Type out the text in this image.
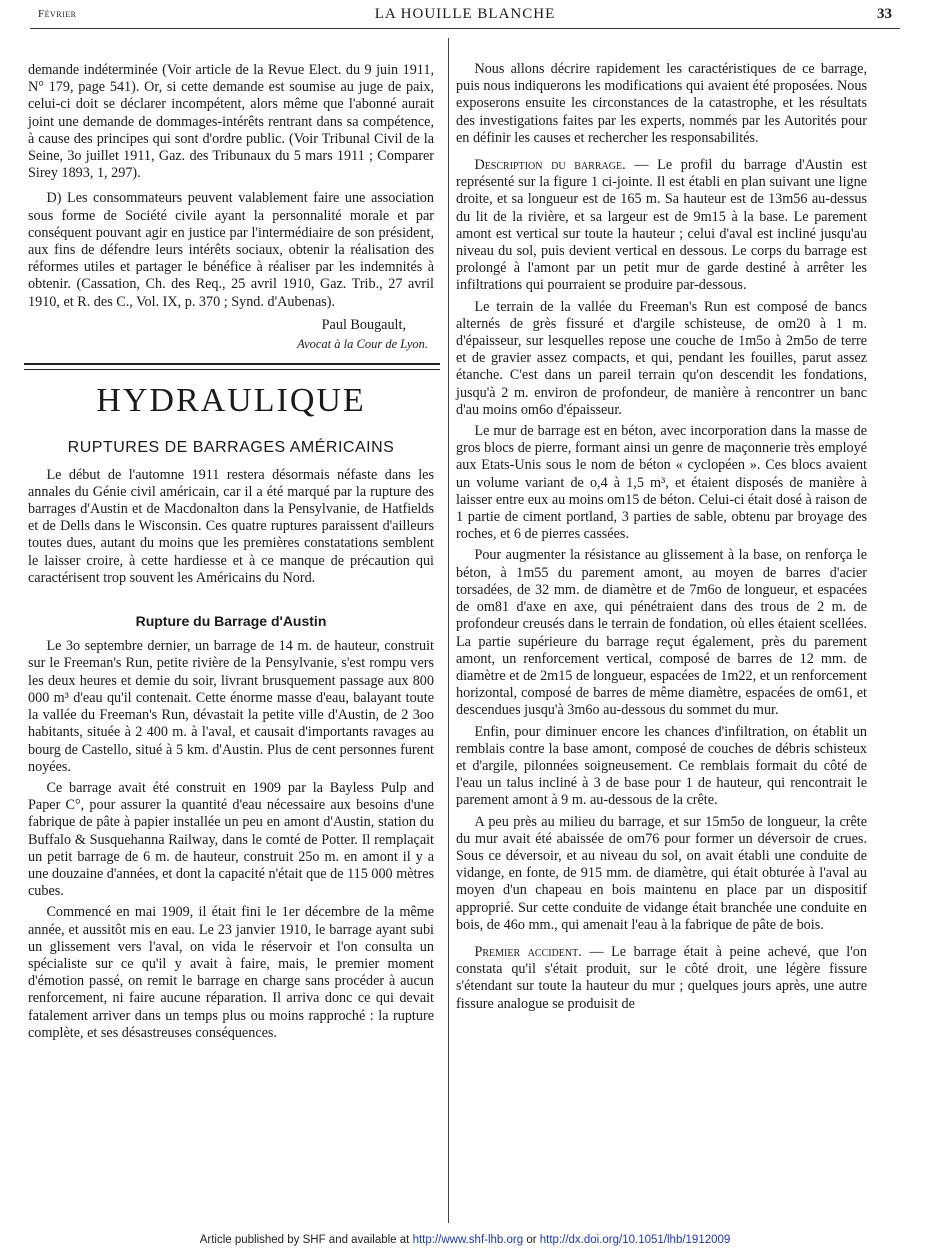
Février	LA HOUILLE BLANCHE	33

demande indéterminée (Voir article de la Revue Elect. du 9 juin 1911, N° 179, page 541). Or, si cette demande est soumise au juge de paix, celui-ci doit se déclarer incompétent, alors même que l'abonné aurait joint une demande de dommages-intérêts rentrant dans sa compétence, à cause des principes qui sont d'ordre public. (Voir Tribunal Civil de la Seine, 3o juillet 1911, Gaz. des Tribunaux du 5 mars 1911 ; Comparer Sirey 1893, 1, 297).

D) Les consommateurs peuvent valablement faire une association sous forme de Société civile ayant la personnalité morale et par conséquent pouvant agir en justice par l'intermédiaire de son président, aux fins de défendre leurs intérêts sociaux, obtenir la réalisation des réformes utiles et partager le bénéfice à réaliser par les indemnités à obtenir. (Cassation, Ch. des Req., 25 avril 1910, Gaz. Trib., 27 avril 1910, et R. des C., Vol. IX, p. 370 ; Synd. d'Aubenas).

Paul Bougault,
Avocat à la Cour de Lyon.
HYDRAULIQUE
RUPTURES DE BARRAGES AMÉRICAINS

Le début de l'automne 1911 restera désormais néfaste dans les annales du Génie civil américain, car il a été marqué par la rupture des barrages d'Austin et de Macdonalton dans la Pensylvanie, de Hatfields et de Dells dans le Wisconsin. Ces quatre ruptures paraissent d'ailleurs toutes dues, autant du moins que les premières constatations semblent le laisser croire, à cette hardiesse et à ce manque de précaution qui caractérisent trop souvent les Américains du Nord.

Rupture du Barrage d'Austin

Le 3o septembre dernier, un barrage de 14 m. de hauteur, construit sur le Freeman's Run, petite rivière de la Pensylvanie, s'est rompu vers les deux heures et demie du soir, livrant brusquement passage aux 800 000 m³ d'eau qu'il contenait. Cette énorme masse d'eau, balayant toute la vallée du Freeman's Run, dévastait la petite ville d'Austin, de 2 3oo habitants, située à 2 400 m. à l'aval, et causait d'importants ravages au bourg de Castello, situé à 5 km. d'Austin. Plus de cent personnes furent noyées.

Ce barrage avait été construit en 1909 par la Bayless Pulp and Paper C°, pour assurer la quantité d'eau nécessaire aux besoins d'une fabrique de pâte à papier installée un peu en amont d'Austin, station du Buffalo & Susquehanna Railway, dans le comté de Potter. Il remplaçait un petit barrage de 6 m. de hauteur, construit 25o m. en amont il y a une douzaine d'années, et dont la capacité n'était que de 115 000 mètres cubes.

Commencé en mai 1909, il était fini le 1er décembre de la même année, et aussitôt mis en eau. Le 23 janvier 1910, le barrage ayant subi un glissement vers l'aval, on vida le réservoir et l'on consulta un spécialiste sur ce qu'il y avait à faire, mais, le premier moment d'émotion passé, on remit le barrage en charge sans procéder à aucun renforcement, ni faire aucune réparation. Il arriva donc ce qui devait fatalement arriver dans un temps plus ou moins rapproché : la rupture complète, et ses désastreuses conséquences.

Nous allons décrire rapidement les caractéristiques de ce barrage, puis nous indiquerons les modifications qui avaient été proposées. Nous exposerons ensuite les circonstances de la catastrophe, et les résultats des investigations faites par les experts, nommés par les Autorités pour en définir les causes et rechercher les responsabilités.

Description du barrage. — Le profil du barrage d'Austin est représenté sur la figure 1 ci-jointe. Il est établi en plan suivant une ligne droite, et sa longueur est de 165 m. Sa hauteur est de 13m56 au-dessus du lit de la rivière, et sa largeur est de 9m15 à la base. Le parement amont est vertical sur toute la hauteur ; celui d'aval est incliné jusqu'au niveau du sol, puis devient vertical en dessous. Le corps du barrage est prolongé à l'amont par un petit mur de garde destiné à arrêter les infiltrations qui pourraient se produire par-dessous.

Le terrain de la vallée du Freeman's Run est composé de bancs alternés de grès fissuré et d'argile schisteuse, de om20 à 1 m. d'épaisseur, sur lesquelles repose une couche de 1m5o à 2m5o de terre et de gravier assez compacts, et qui, pendant les fouilles, parut assez étanche. C'est dans un pareil terrain qu'on descendit les fondations, jusqu'à 2 m. environ de profondeur, de manière à rencontrer un banc d'au moins om6o d'épaisseur.

Le mur de barrage est en béton, avec incorporation dans la masse de gros blocs de pierre, formant ainsi un genre de maçonnerie très employé aux Etats-Unis sous le nom de béton « cyclopéen ». Ces blocs avaient un volume variant de o,4 à 1,5 m³, et étaient disposés de manière à laisser entre eux au moins om15 de béton. Celui-ci était dosé à raison de 1 partie de ciment portland, 3 parties de sable, obtenu par broyage des roches, et 6 de pierres cassées.

Pour augmenter la résistance au glissement à la base, on renforça le béton, à 1m55 du parement amont, au moyen de barres d'acier torsadées, de 32 mm. de diamètre et de 7m6o de longueur, et espacées de om81 d'axe en axe, qui pénétraient dans des trous de 2 m. de profondeur creusés dans le terrain de fondation, où elles étaient scellées. La partie supérieure du barrage reçut également, près du parement amont, un renforcement vertical, composé de barres de 12 mm. de diamètre et de 2m15 de longueur, espacées de 1m22, et un renforcement horizontal, composé de barres de même diamètre, espacées de om61, et descendues jusqu'à 3m6o au-dessous du sommet du mur.

Enfin, pour diminuer encore les chances d'infiltration, on établit un remblais contre la base amont, composé de couches de débris schisteux et d'argile, pilonnées soigneusement. Ce remblais formait du côté de l'eau un talus incliné à 3 de base pour 1 de hauteur, qui rencontrait le parement amont à 9 m. au-dessous de la crête.

A peu près au milieu du barrage, et sur 15m5o de longueur, la crête du mur avait été abaissée de om76 pour former un déversoir de crues. Sous ce déversoir, et au niveau du sol, on avait établi une conduite de vidange, en fonte, de 915 mm. de diamètre, qui était obturée à l'aval au moyen d'un chapeau en bois maintenu en place par un dispositif approprié. Sur cette conduite de vidange était branchée une conduite en bois, de 46o mm., qui amenait l'eau à la fabrique de pâte de bois.

Premier accident. — Le barrage était à peine achevé, que l'on constata qu'il s'était produit, sur le côté droit, une légère fissure s'étendant sur toute la hauteur du mur ; quelques jours après, une autre fissure analogue se produisit de

Article published by SHF and available at http://www.shf-lhb.org or http://dx.doi.org/10.1051/lhb/1912009
